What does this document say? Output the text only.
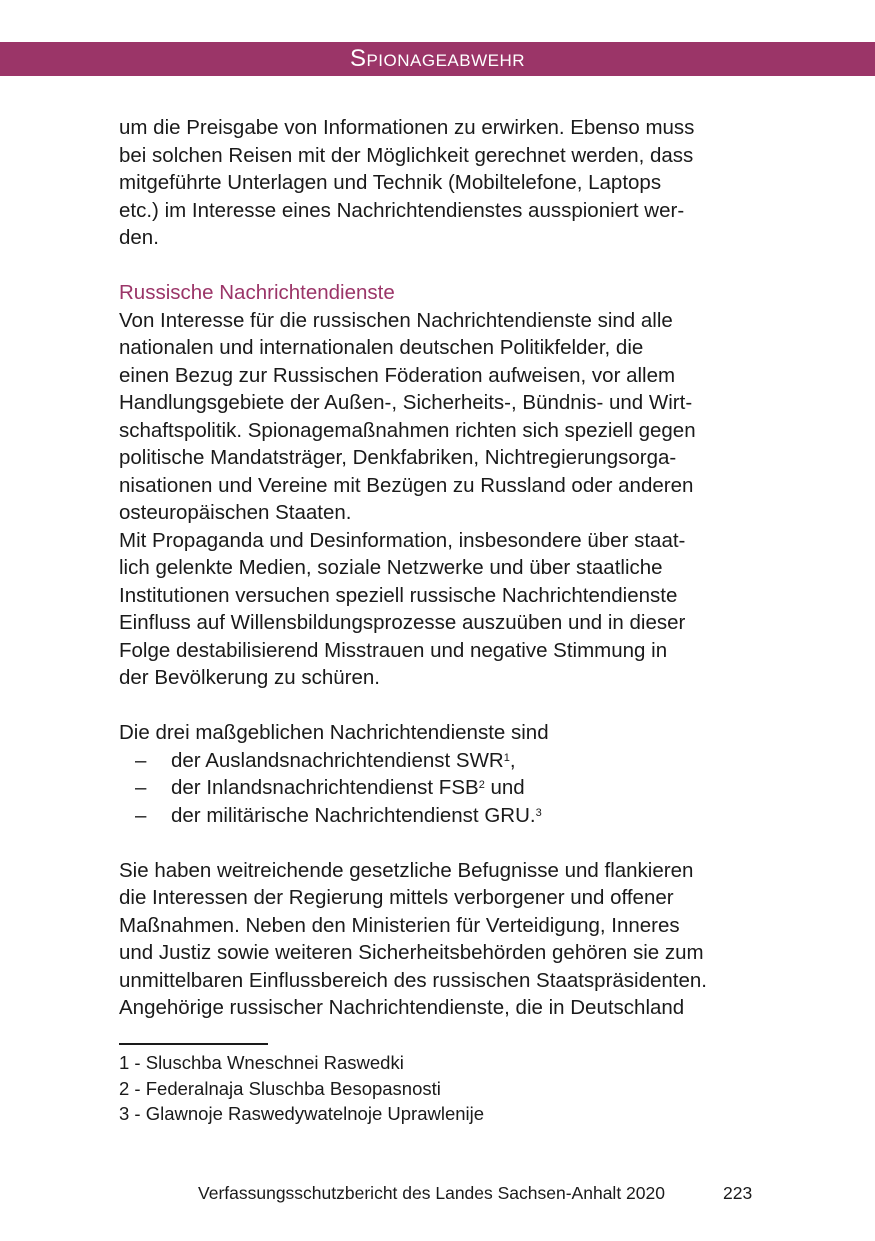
Spionageabwehr

um die Preisgabe von Informationen zu erwirken. Ebenso muss

bei solchen Reisen mit der Möglichkeit gerechnet werden, dass

mitgeführte Unterlagen und Technik (Mobiltelefone, Laptops

etc.) im Interesse eines Nachrichtendienstes ausspioniert wer-

den.

Russische Nachrichtendienste

Von Interesse für die russischen Nachrichtendienste sind alle

nationalen und internationalen deutschen Politikfelder, die

einen Bezug zur Russischen Föderation aufweisen, vor allem

Handlungsgebiete der Außen-, Sicherheits-, Bündnis- und Wirt-

schaftspolitik. Spionagemaßnahmen richten sich speziell gegen

politische Mandatsträger, Denkfabriken, Nichtregierungsorga-

nisationen und Vereine mit Bezügen zu Russland oder anderen

osteuropäischen Staaten.

Mit Propaganda und Desinformation, insbesondere über staat-

lich gelenkte Medien, soziale Netzwerke und über staatliche

Institutionen versuchen speziell russische Nachrichtendienste

Einfluss auf Willensbildungsprozesse auszuüben und in dieser

Folge destabilisierend Misstrauen und negative Stimmung in

der Bevölkerung zu schüren.

Die drei maßgeblichen Nachrichtendienste sind

– der Auslandsnachrichtendienst SWR$^1$,
– der Inlandsnachrichtendienst FSB$^2$ und
– der militärische Nachrichtendienst GRU.$^3$

Sie haben weitreichende gesetzliche Befugnisse und flankieren

die Interessen der Regierung mittels verborgener und offener

Maßnahmen. Neben den Ministerien für Verteidigung, Inneres

und Justiz sowie weiteren Sicherheitsbehörden gehören sie zum

unmittelbaren Einflussbereich des russischen Staatspräsidenten.

Angehörige russischer Nachrichtendienste, die in Deutschland

1 - Sluschba Wneschnei Raswedki
2 - Federalnaja Sluschba Besopasnosti
3 - Glawnoje Raswedywatelnoje Uprawlenije
Verfassungsschutzbericht des Landes Sachsen-Anhalt 2020	223
